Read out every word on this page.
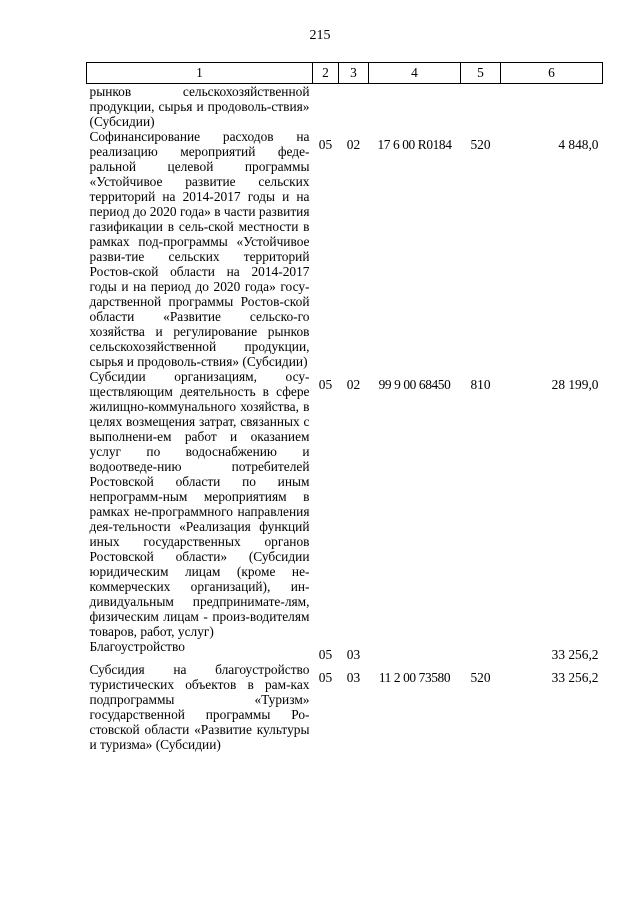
215
1	2	3	4	5	6
рынков сельскохозяйственной продукции, сырья и продоволь-ствия» (Субсидии)					
Софинансирование расходов на реализацию мероприятий феде-ральной целевой программы «Устойчивое развитие сельских территорий на 2014-2017 годы и на период до 2020 года» в части развития газификации в сель-ской местности в рамках под-программы «Устойчивое разви-тие сельских территорий Ростов-ской области на 2014-2017 годы и на период до 2020 года» госу-дарственной программы Ростов-ской области «Развитие сельско-го хозяйства и регулирование рынков сельскохозяйственной продукции, сырья и продоволь-ствия» (Субсидии)	05	02	17 6 00 R0184	520	4 848,0
Субсидии организациям, осу-ществляющим деятельность в сфере жилищно-коммунального хозяйства, в целях возмещения затрат, связанных с выполнени-ем работ и оказанием услуг по водоснабжению и водоотведе-нию потребителей Ростовской области по иным непрограмм-ным мероприятиям в рамках не-программного направления дея-тельности «Реализация функций иных государственных органов Ростовской области» (Субсидии юридическим лицам (кроме не-коммерческих организаций), ин-дивидуальным предпринимате-лям, физическим лицам - произ-водителям товаров, работ, услуг)	05	02	99 9 00 68450	810	28 199,0
Благоустройство	05	03			33 256,2
Субсидия на благоустройство туристических объектов в рам-ках подпрограммы «Туризм» государственной программы Ро-стовской области «Развитие культуры и туризма» (Субсидии)	05	03	11 2 00 73580	520	33 256,2
